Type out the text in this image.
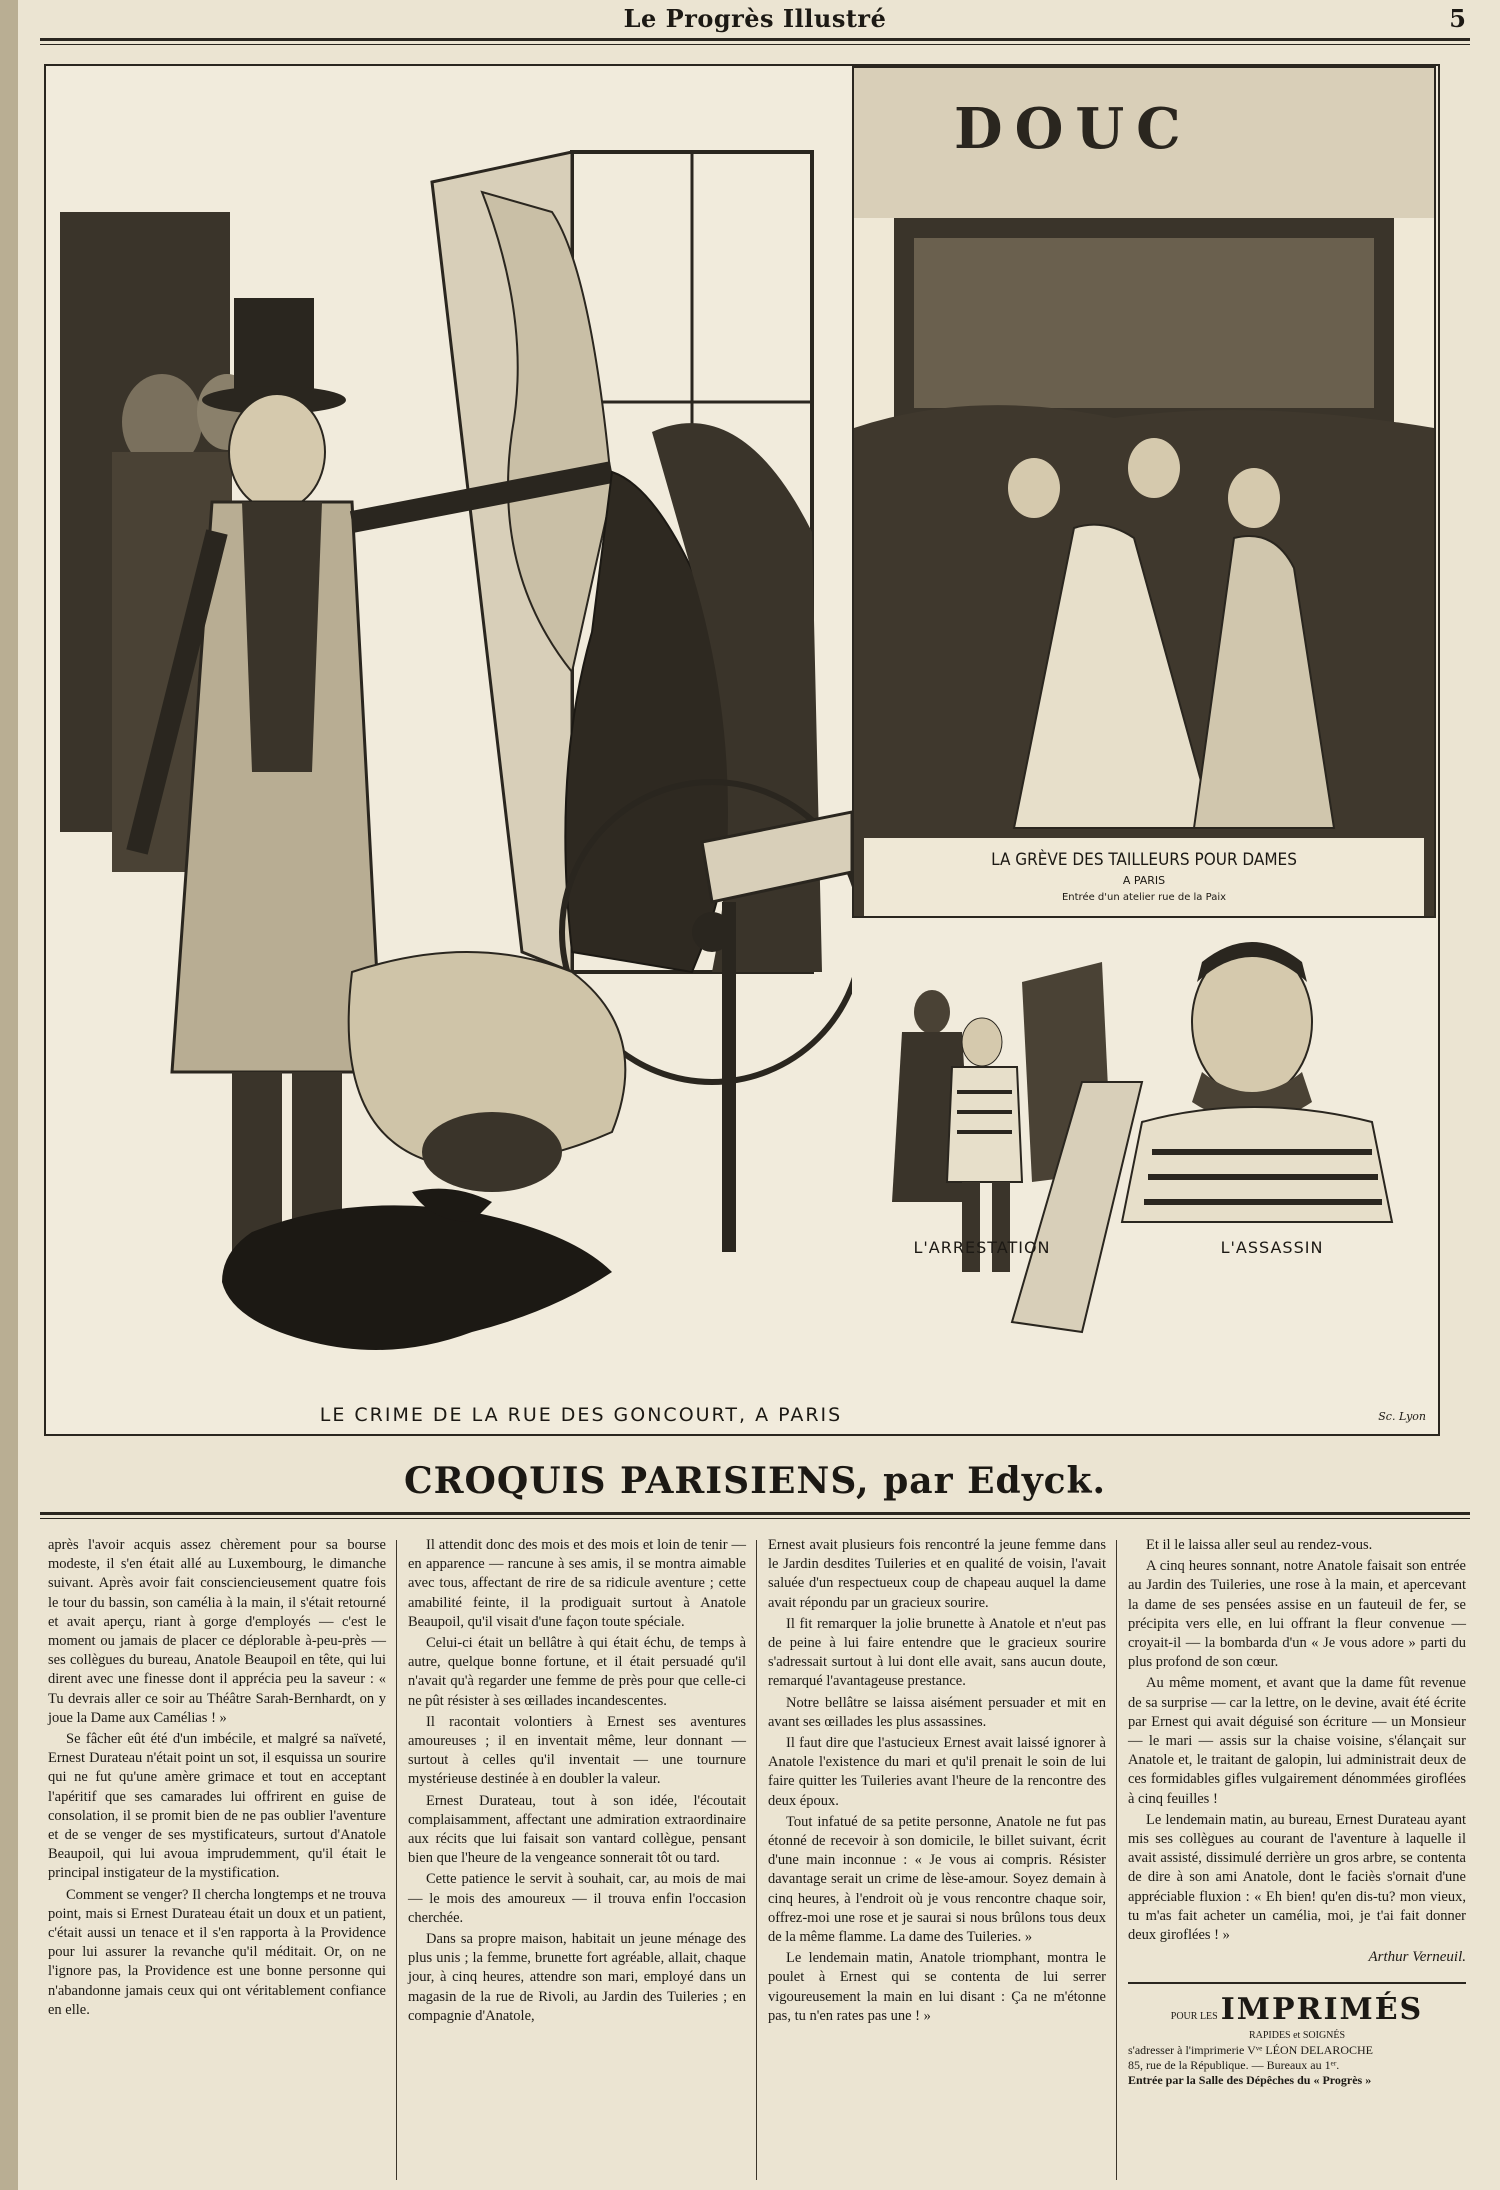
Le Progrès Illustré	5
DOUC
LA GRÈVE DES TAILLEURS POUR DAMES
A PARIS
Entrée d'un atelier rue de la Paix
L'ARRESTATION	L'ASSASSIN
LE CRIME DE LA RUE DES GONCOURT, A PARIS	Sc. Lyon
CROQUIS PARISIENS, par Edyck.

après l'avoir acquis assez chèrement pour sa bourse modeste, il s'en était allé au Luxembourg, le dimanche suivant. Après avoir fait consciencieusement quatre fois le tour du bassin, son camélia à la main, il s'était retourné et avait aperçu, riant à gorge d'employés — c'est le moment ou jamais de placer ce déplorable à-peu-près — ses collègues du bureau, Anatole Beaupoil en tête, qui lui dirent avec une finesse dont il apprécia peu la saveur : « Tu devrais aller ce soir au Théâtre Sarah-Bernhardt, on y joue la Dame aux Camélias ! »

Se fâcher eût été d'un imbécile, et malgré sa naïveté, Ernest Durateau n'était point un sot, il esquissa un sourire qui ne fut qu'une amère grimace et tout en acceptant l'apéritif que ses camarades lui offrirent en guise de consolation, il se promit bien de ne pas oublier l'aventure et de se venger de ses mystificateurs, surtout d'Anatole Beaupoil, qui lui avoua imprudemment, qu'il était le principal instigateur de la mystification.

Comment se venger? Il chercha longtemps et ne trouva point, mais si Ernest Durateau était un doux et un patient, c'était aussi un tenace et il s'en rapporta à la Providence pour lui assurer la revanche qu'il méditait. Or, on ne l'ignore pas, la Providence est une bonne personne qui n'abandonne jamais ceux qui ont véritablement confiance en elle.

Il attendit donc des mois et des mois et loin de tenir — en apparence — rancune à ses amis, il se montra aimable avec tous, affectant de rire de sa ridicule aventure ; cette amabilité feinte, il la prodiguait surtout à Anatole Beaupoil, qu'il visait d'une façon toute spéciale.

Celui-ci était un bellâtre à qui était échu, de temps à autre, quelque bonne fortune, et il était persuadé qu'il n'avait qu'à regarder une femme de près pour que celle-ci ne pût résister à ses œillades incandescentes.

Il racontait volontiers à Ernest ses aventures amoureuses ; il en inventait même, leur donnant — surtout à celles qu'il inventait — une tournure mystérieuse destinée à en doubler la valeur.

Ernest Durateau, tout à son idée, l'écoutait complaisamment, affectant une admiration extraordinaire aux récits que lui faisait son vantard collègue, pensant bien que l'heure de la vengeance sonnerait tôt ou tard.

Cette patience le servit à souhait, car, au mois de mai — le mois des amoureux — il trouva enfin l'occasion cherchée.

Dans sa propre maison, habitait un jeune ménage des plus unis ; la femme, brunette fort agréable, allait, chaque jour, à cinq heures, attendre son mari, employé dans un magasin de la rue de Rivoli, au Jardin des Tuileries ; en compagnie d'Anatole,

Ernest avait plusieurs fois rencontré la jeune femme dans le Jardin desdites Tuileries et en qualité de voisin, l'avait saluée d'un respectueux coup de chapeau auquel la dame avait répondu par un gracieux sourire.

Il fit remarquer la jolie brunette à Anatole et n'eut pas de peine à lui faire entendre que le gracieux sourire s'adressait surtout à lui dont elle avait, sans aucun doute, remarqué l'avantageuse prestance.

Notre bellâtre se laissa aisément persuader et mit en avant ses œillades les plus assassines.

Il faut dire que l'astucieux Ernest avait laissé ignorer à Anatole l'existence du mari et qu'il prenait le soin de lui faire quitter les Tuileries avant l'heure de la rencontre des deux époux.

Tout infatué de sa petite personne, Anatole ne fut pas étonné de recevoir à son domicile, le billet suivant, écrit d'une main inconnue : « Je vous ai compris. Résister davantage serait un crime de lèse-amour. Soyez demain à cinq heures, à l'endroit où je vous rencontre chaque soir, offrez-moi une rose et je saurai si nous brûlons tous deux de la même flamme. La dame des Tuileries. »

Le lendemain matin, Anatole triomphant, montra le poulet à Ernest qui se contenta de lui serrer vigoureusement la main en lui disant : Ça ne m'étonne pas, tu n'en rates pas une ! »

Et il le laissa aller seul au rendez-vous.

A cinq heures sonnant, notre Anatole faisait son entrée au Jardin des Tuileries, une rose à la main, et apercevant la dame de ses pensées assise en un fauteuil de fer, se précipita vers elle, en lui offrant la fleur convenue — croyait-il — la bombarda d'un « Je vous adore » parti du plus profond de son cœur.

Au même moment, et avant que la dame fût revenue de sa surprise — car la lettre, on le devine, avait été écrite par Ernest qui avait déguisé son écriture — un Monsieur — le mari — assis sur la chaise voisine, s'élançait sur Anatole et, le traitant de galopin, lui administrait deux de ces formidables gifles vulgairement dénommées giroflées à cinq feuilles !

Le lendemain matin, au bureau, Ernest Durateau ayant mis ses collègues au courant de l'aventure à laquelle il avait assisté, dissimulé derrière un gros arbre, se contenta de dire à son ami Anatole, dont le faciès s'ornait d'une appréciable fluxion : « Eh bien! qu'en dis-tu? mon vieux, tu m'as fait acheter un camélia, moi, je t'ai fait donner deux giroflées ! »

Arthur Verneuil.
POUR LES IMPRIMÉS RAPIDES et SOIGNÉS
s'adresser à l'imprimerie Vᵛᵉ LÉON DELAROCHE
85, rue de la République. — Bureaux au 1ᵉʳ.
Entrée par la Salle des Dépêches du « Progrès »
